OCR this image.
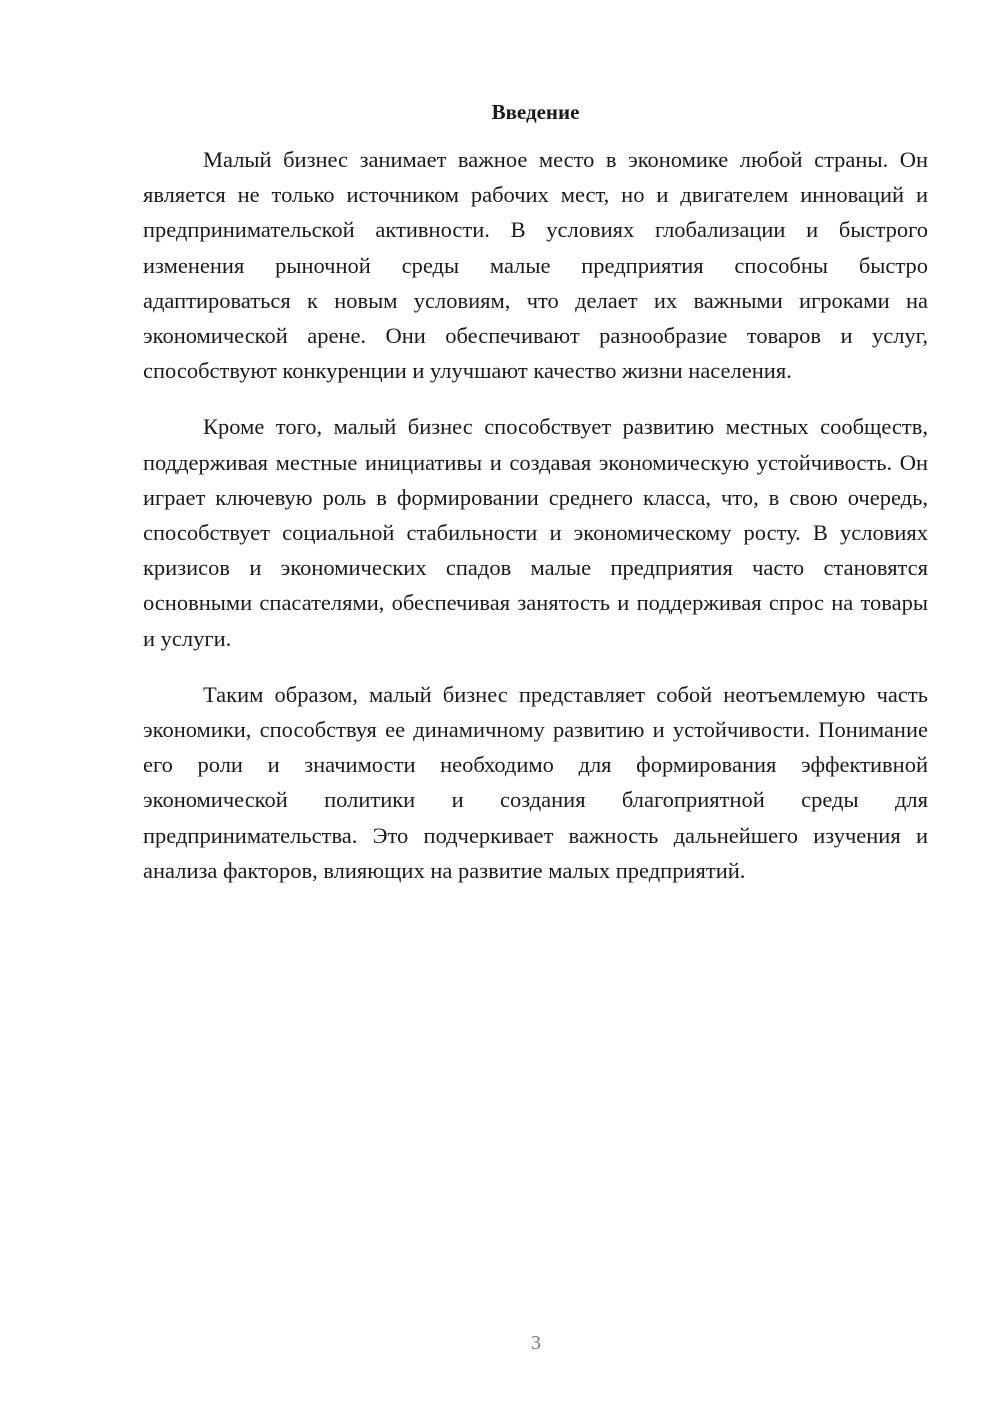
Введение

Малый бизнес занимает важное место в экономике любой страны. Он является не только источником рабочих мест, но и двигателем инноваций и предпринимательской активности. В условиях глобализации и быстрого изменения рыночной среды малые предприятия способны быстро адаптироваться к новым условиям, что делает их важными игроками на экономической арене. Они обеспечивают разнообразие товаров и услуг, способствуют конкуренции и улучшают качество жизни населения.

Кроме того, малый бизнес способствует развитию местных сообществ, поддерживая местные инициативы и создавая экономическую устойчивость. Он играет ключевую роль в формировании среднего класса, что, в свою очередь, способствует социальной стабильности и экономическому росту. В условиях кризисов и экономических спадов малые предприятия часто становятся основными спасателями, обеспечивая занятость и поддерживая спрос на товары и услуги.

Таким образом, малый бизнес представляет собой неотъемлемую часть экономики, способствуя ее динамичному развитию и устойчивости. Понимание его роли и значимости необходимо для формирования эффективной экономической политики и создания благоприятной среды для предпринимательства. Это подчеркивает важность дальнейшего изучения и анализа факторов, влияющих на развитие малых предприятий.

3
